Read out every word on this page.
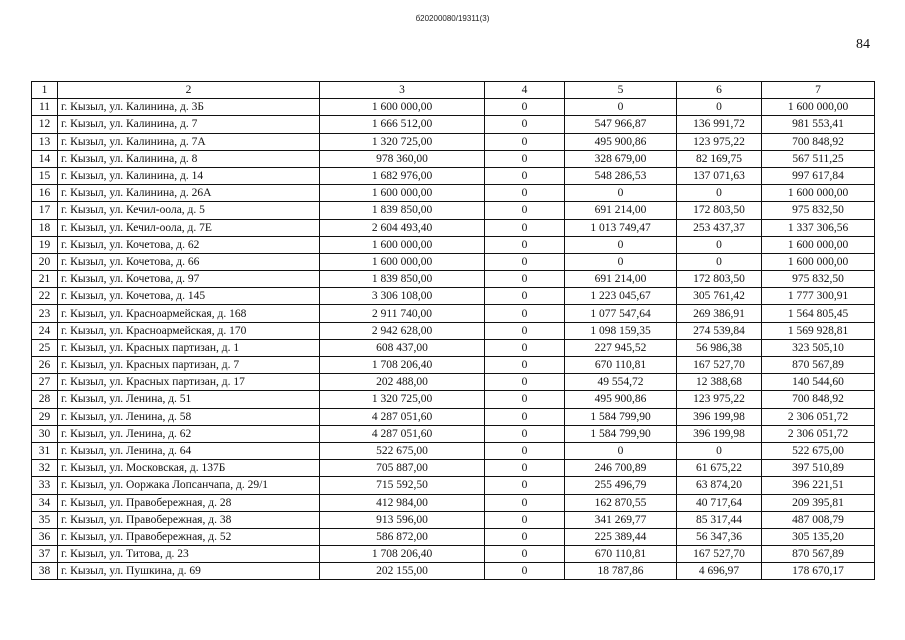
б20200080/19311(3)
84
1	2	3	4	5	6	7
11	г. Кызыл, ул. Калинина, д. 3Б	1 600 000,00	0	0	0	1 600 000,00
12	г. Кызыл, ул. Калинина, д. 7	1 666 512,00	0	547 966,87	136 991,72	981 553,41
13	г. Кызыл, ул. Калинина, д. 7А	1 320 725,00	0	495 900,86	123 975,22	700 848,92
14	г. Кызыл, ул. Калинина, д. 8	978 360,00	0	328 679,00	82 169,75	567 511,25
15	г. Кызыл, ул. Калинина, д. 14	1 682 976,00	0	548 286,53	137 071,63	997 617,84
16	г. Кызыл, ул. Калинина, д. 26А	1 600 000,00	0	0	0	1 600 000,00
17	г. Кызыл, ул. Кечил-оола, д. 5	1 839 850,00	0	691 214,00	172 803,50	975 832,50
18	г. Кызыл, ул. Кечил-оола, д. 7Е	2 604 493,40	0	1 013 749,47	253 437,37	1 337 306,56
19	г. Кызыл, ул. Кочетова, д. 62	1 600 000,00	0	0	0	1 600 000,00
20	г. Кызыл, ул. Кочетова, д. 66	1 600 000,00	0	0	0	1 600 000,00
21	г. Кызыл, ул. Кочетова, д. 97	1 839 850,00	0	691 214,00	172 803,50	975 832,50
22	г. Кызыл, ул. Кочетова, д. 145	3 306 108,00	0	1 223 045,67	305 761,42	1 777 300,91
23	г. Кызыл, ул. Красноармейская, д. 168	2 911 740,00	0	1 077 547,64	269 386,91	1 564 805,45
24	г. Кызыл, ул. Красноармейская, д. 170	2 942 628,00	0	1 098 159,35	274 539,84	1 569 928,81
25	г. Кызыл, ул. Красных партизан, д. 1	608 437,00	0	227 945,52	56 986,38	323 505,10
26	г. Кызыл, ул. Красных партизан, д. 7	1 708 206,40	0	670 110,81	167 527,70	870 567,89
27	г. Кызыл, ул. Красных партизан, д. 17	202 488,00	0	49 554,72	12 388,68	140 544,60
28	г. Кызыл, ул. Ленина, д. 51	1 320 725,00	0	495 900,86	123 975,22	700 848,92
29	г. Кызыл, ул. Ленина, д. 58	4 287 051,60	0	1 584 799,90	396 199,98	2 306 051,72
30	г. Кызыл, ул. Ленина, д. 62	4 287 051,60	0	1 584 799,90	396 199,98	2 306 051,72
31	г. Кызыл, ул. Ленина, д. 64	522 675,00	0	0	0	522 675,00
32	г. Кызыл, ул. Московская, д. 137Б	705 887,00	0	246 700,89	61 675,22	397 510,89
33	г. Кызыл, ул. Ооржака Лопсанчапа, д. 29/1	715 592,50	0	255 496,79	63 874,20	396 221,51
34	г. Кызыл, ул. Правобережная, д. 28	412 984,00	0	162 870,55	40 717,64	209 395,81
35	г. Кызыл, ул. Правобережная, д. 38	913 596,00	0	341 269,77	85 317,44	487 008,79
36	г. Кызыл, ул. Правобережная, д. 52	586 872,00	0	225 389,44	56 347,36	305 135,20
37	г. Кызыл, ул. Титова, д. 23	1 708 206,40	0	670 110,81	167 527,70	870 567,89
38	г. Кызыл, ул. Пушкина, д. 69	202 155,00	0	18 787,86	4 696,97	178 670,17
